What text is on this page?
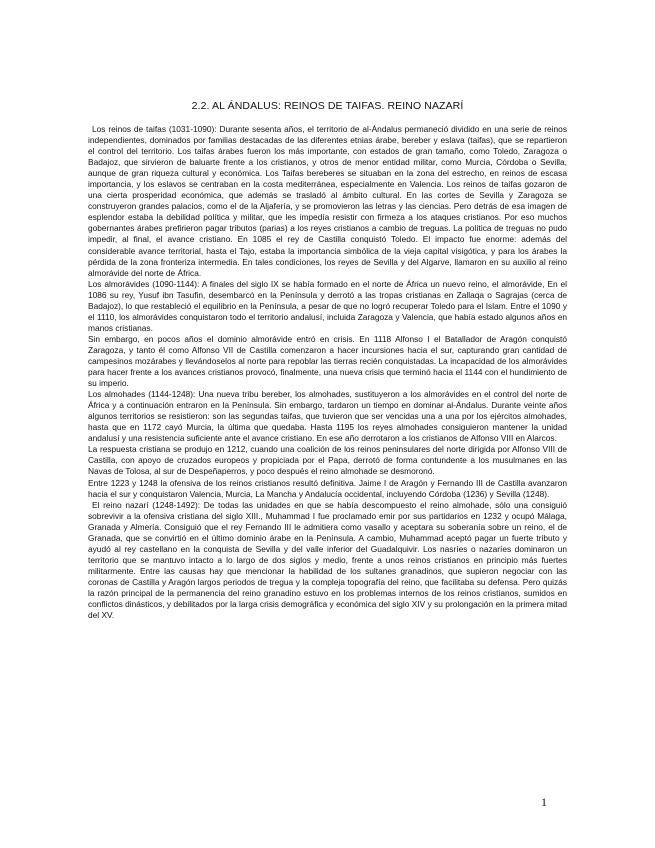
2.2. AL ÁNDALUS: REINOS DE TAIFAS. REINO NAZARÍ

Los reinos de taifas (1031-1090): Durante sesenta años, el territorio de al-Ándalus permaneció dividido en una serie de reinos independientes, dominados por familias destacadas de las diferentes etnias árabe, bereber y eslava (taifas), que se repartieron el control del territorio. Los taifas árabes fueron los más importante, con estados de gran tamaño, como Toledo, Zaragoza o Badajoz, que sirvieron de baluarte frente a los cristianos, y otros de menor entidad militar, como Murcia, Córdoba o Sevilla, aunque de gran riqueza cultural y económica. Los Taifas bereberes se situaban en la zona del estrecho, en reinos de escasa importancia, y los eslavos se centraban en la costa mediterránea, especialmente en Valencia. Los reinos de taifas gozaron de una cierta prosperidad económica, que además se trasladó al ámbito cultural. En las cortes de Sevilla y Zaragoza se construyeron grandes palacios, como el de la Aljafería, y se promovieron las letras y las ciencias. Pero detrás de esa imagen de esplendor estaba la debilidad política y militar, que les impedía resistir con firmeza a los ataques cristianos. Por eso muchos gobernantes árabes prefirieron pagar tributos (parias) a los reyes cristianos a cambio de treguas. La política de treguas no pudo impedir, al final, el avance cristiano. En 1085 el rey de Castilla conquistó Toledo. El impacto fue enorme: además del considerable avance territorial, hasta el Tajo, estaba la importancia simbólica de la vieja capital visigótica, y para los árabes la pérdida de la zona fronteriza intermedia. En tales condiciones, los reyes de Sevilla y del Algarve, llamaron en su auxilio al reino almorávide del norte de África.

Los almorávides (1090-1144): A finales del siglo IX se había formado en el norte de África un nuevo reino, el almorávide, En el 1086 su rey, Yusuf ibn Tasufin, desembarcó en la Península y derrotó a las tropas cristianas en Zallaqa o Sagrajas (cerca de Badajoz), lo que restableció el equilibrio en la Península, a pesar de que no logró recuperar Toledo para el Islam. Entre el 1090 y el 1110, los almorávides conquistaron todo el territorio andalusí, incluida Zaragoza y Valencia, que había estado algunos años en manos cristianas.

Sin embargo, en pocos años el dominio almorávide entró en crisis. En 1118 Alfonso I el Batallador de Aragón conquistó Zaragoza, y tanto él como Alfonso VII de Castilla comenzaron a hacer incursiones hacia el sur, capturando gran cantidad de campesinos mozárabes y llevándoselos al norte para repoblar las tierras recién conquistadas. La incapacidad de los almorávides para hacer frente a los avances cristianos provocó, finalmente, una nueva crisis que terminó hacia el 1144 con el hundimiento de su imperio.

Los almohades (1144-1248): Una nueva tribu bereber, los almohades, sustituyeron a los almorávides en el control del norte de África y a continuación entraron en la Península. Sin embargo, tardaron un tiempo en dominar al-Ándalus. Durante veinte años algunos territorios se resistieron: son las segundas taifas, que tuvieron que ser vencidas una a una por los ejércitos almohades, hasta que en 1172 cayó Murcia, la última que quedaba. Hasta 1195 los reyes almohades consiguieron mantener la unidad andalusí y una resistencia suficiente ante el avance cristiano. En ese año derrotaron a los cristianos de Alfonso VIII en Alarcos.

La respuesta cristiana se produjo en 1212, cuando una coalición de los reinos peninsulares del norte dirigida por Alfonso VIII de Castilla, con apoyo de cruzados europeos y propiciada por el Papa, derrotó de forma contundente a los musulmanes en las Navas de Tolosa, al sur de Despeñaperros, y poco después el reino almohade se desmoronó.

Entre 1223 y 1248 la ofensiva de los reinos cristianos resultó definitiva. Jaime I de Aragón y Fernando III de Castilla avanzaron hacia el sur y conquistaron Valencia, Murcia, La Mancha y Andalucía occidental, incluyendo Córdoba (1236) y Sevilla (1248).

El reino nazarí (1248-1492): De todas las unidades en que se había descompuesto el reino almohade, sólo una consiguió sobrevivir a la ofensiva cristiana del siglo XIII., Muhammad I fue proclamado emir por sus partidarios en 1232 y ocupó Málaga, Granada y Almería. Consiguió que el rey Fernando III le admitiera como vasallo y aceptara su soberanía sobre un reino, el de Granada, que se convirtió en el último dominio árabe en la Península. A cambio, Muhammad aceptó pagar un fuerte tributo y ayudó al rey castellano en la conquista de Sevilla y del valle inferior del Guadalquivir. Los nasríes o nazaríes dominaron un territorio que se mantuvo intacto a lo largo de dos siglos y medio, frente a unos reinos cristianos en principio más fuertes militarmente. Entre las causas hay que mencionar la habilidad de los sultanes granadinos, que supieron negociar con las coronas de Castilla y Aragón largos periodos de tregua y la compleja topografía del reino, que facilitaba su defensa. Pero quizás la razón principal de la permanencia del reino granadino estuvo en los problemas internos de los reinos cristianos, sumidos en conflictos dinásticos, y debilitados por la larga crisis demográfica y económica del siglo XIV y su prolongación en la primera mitad del XV.

1
